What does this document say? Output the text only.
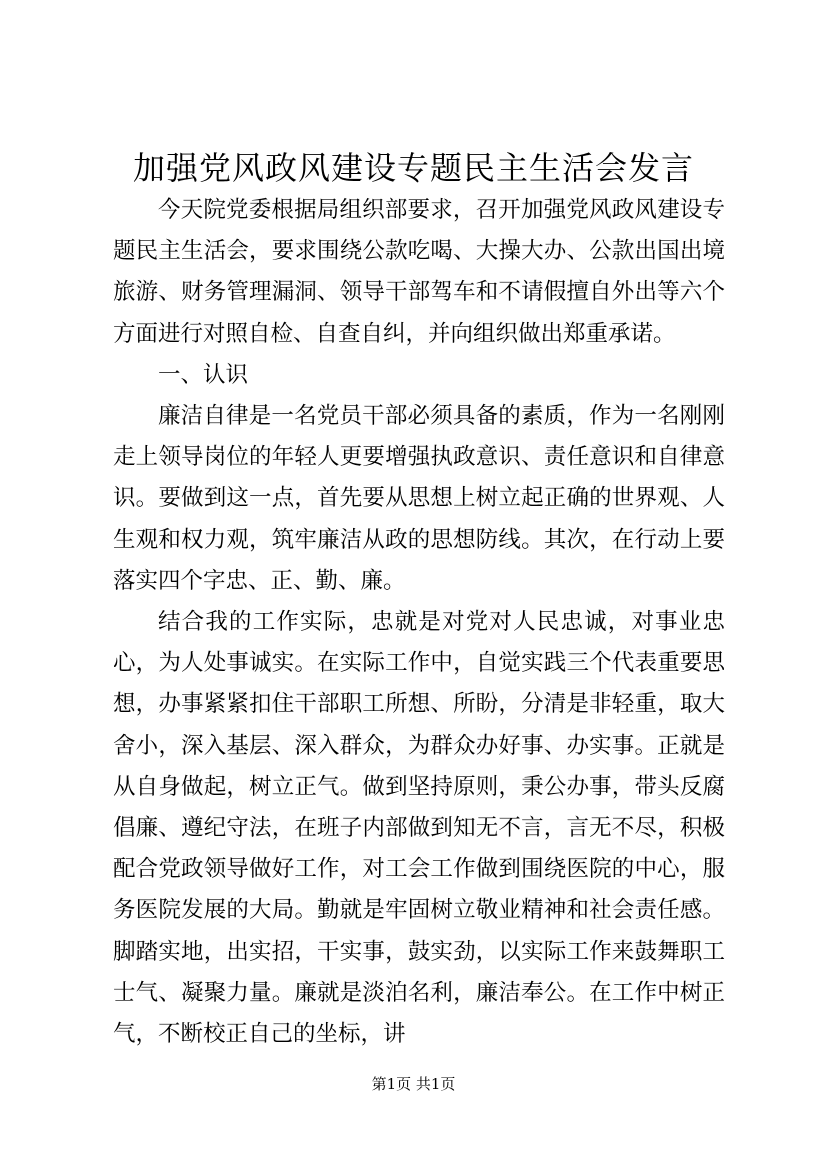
加强党风政风建设专题民主生活会发言

今天院党委根据局组织部要求，召开加强党风政风建设专题民主生活会，要求围绕公款吃喝、大操大办、公款出国出境旅游、财务管理漏洞、领导干部驾车和不请假擅自外出等六个方面进行对照自检、自查自纠，并向组织做出郑重承诺。

一、认识

廉洁自律是一名党员干部必须具备的素质，作为一名刚刚走上领导岗位的年轻人更要增强执政意识、责任意识和自律意识。要做到这一点，首先要从思想上树立起正确的世界观、人生观和权力观，筑牢廉洁从政的思想防线。其次，在行动上要落实四个字忠、正、勤、廉。

结合我的工作实际，忠就是对党对人民忠诚，对事业忠心，为人处事诚实。在实际工作中，自觉实践三个代表重要思想，办事紧紧扣住干部职工所想、所盼，分清是非轻重，取大舍小，深入基层、深入群众，为群众办好事、办实事。正就是从自身做起，树立正气。做到坚持原则，秉公办事，带头反腐倡廉、遵纪守法，在班子内部做到知无不言，言无不尽，积极配合党政领导做好工作，对工会工作做到围绕医院的中心，服务医院发展的大局。勤就是牢固树立敬业精神和社会责任感。脚踏实地，出实招，干实事，鼓实劲，以实际工作来鼓舞职工士气、凝聚力量。廉就是淡泊名利，廉洁奉公。在工作中树正气，不断校正自己的坐标，讲

第1页 共1页
